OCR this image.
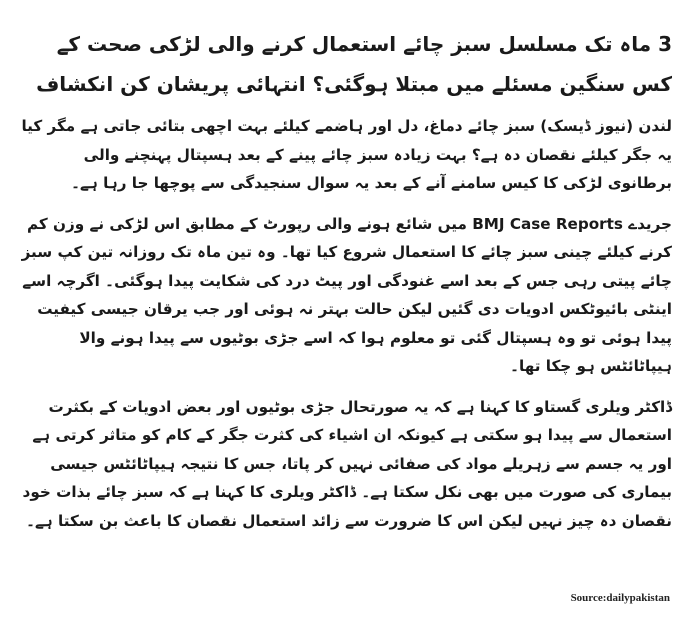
3 ماہ تک مسلسل سبز چائے استعمال کرنے والی لڑکی صحت کے کس سنگین مسئلے میں مبتلا ہوگئی؟ انتہائی پریشان کن انکشاف

لندن (نیوز ڈیسک) سبز چائے دماغ، دل اور ہاضمے کیلئے بہت اچھی بتائی جاتی ہے مگر کیا یہ جگر کیلئے نقصان دہ ہے؟ بہت زیادہ سبز چائے پینے کے بعد ہسپتال پہنچنے والی برطانوی لڑکی کا کیس سامنے آنے کے بعد یہ سوال سنجیدگی سے پوچھا جا رہا ہے۔

جریدے BMJ Case Reports میں شائع ہونے والی رپورٹ کے مطابق اس لڑکی نے وزن کم کرنے کیلئے چینی سبز چائے کا استعمال شروع کیا تھا۔ وہ تین ماہ تک روزانہ تین کپ سبز چائے پیتی رہی جس کے بعد اسے غنودگی اور پیٹ درد کی شکایت پیدا ہوگئی۔ اگرچہ اسے اینٹی بائیوٹکس ادویات دی گئیں لیکن حالت بہتر نہ ہوئی اور جب یرقان جیسی کیفیت پیدا ہوئی تو وہ ہسپتال گئی تو معلوم ہوا کہ اسے جڑی بوٹیوں سے پیدا ہونے والا ہیپاٹائٹس ہو چکا تھا۔

ڈاکٹر ویلری گستاو کا کہنا ہے کہ یہ صورتحال جڑی بوٹیوں اور بعض ادویات کے بکثرت استعمال سے پیدا ہو سکتی ہے کیونکہ ان اشیاء کی کثرت جگر کے کام کو متاثر کرتی ہے اور یہ جسم سے زہریلے مواد کی صفائی نہیں کر پاتا، جس کا نتیجہ ہیپاٹائٹس جیسی بیماری کی صورت میں بھی نکل سکتا ہے۔ ڈاکٹر ویلری کا کہنا ہے کہ سبز چائے بذات خود نقصان دہ چیز نہیں لیکن اس کا ضرورت سے زائد استعمال نقصان کا باعث بن سکتا ہے۔

Source:dailypakistan
